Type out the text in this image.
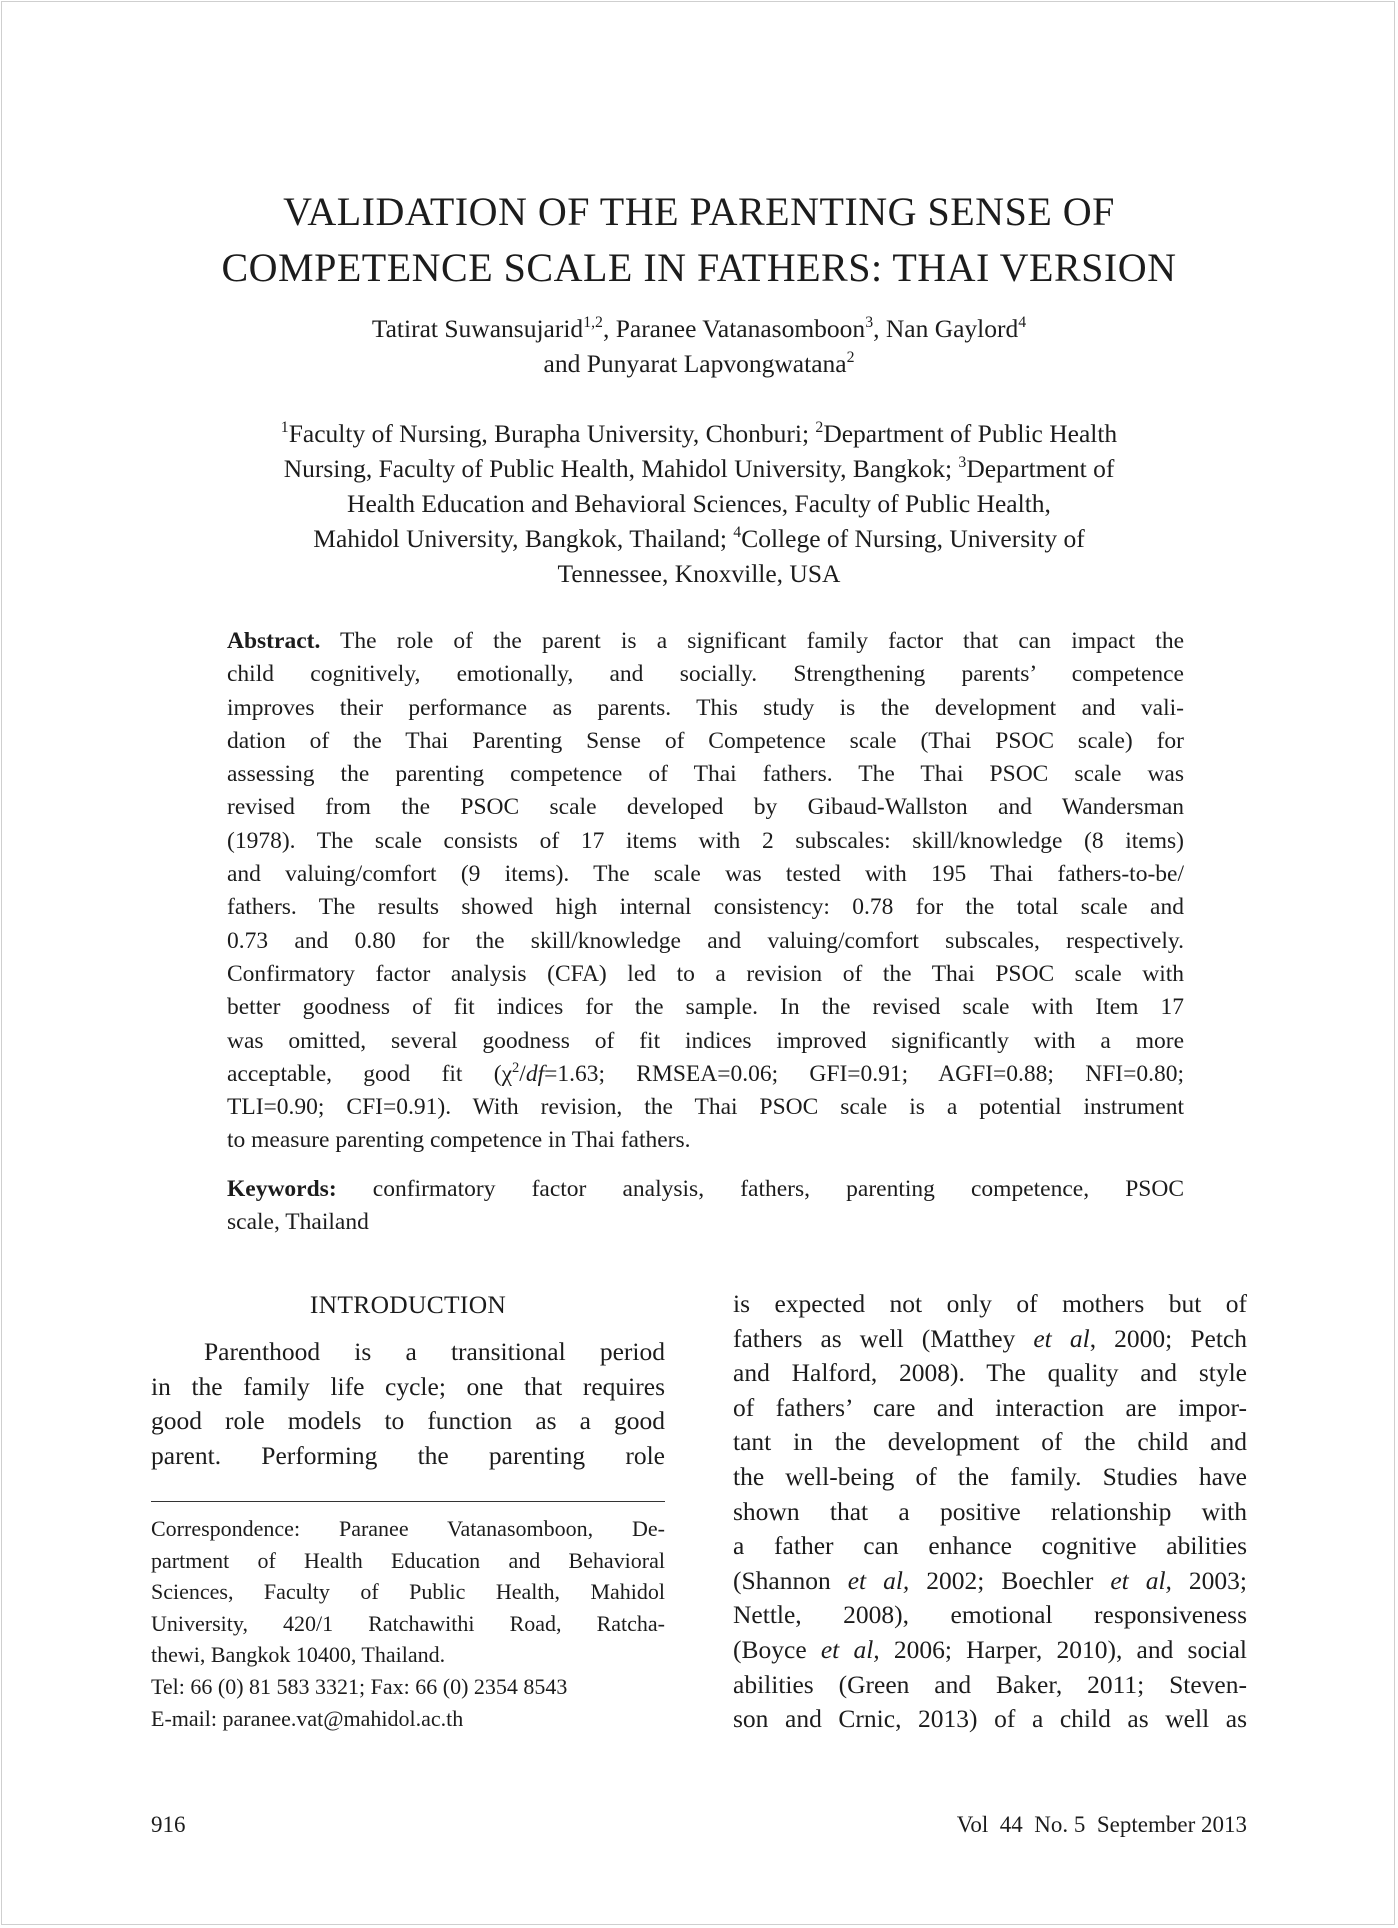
VALIDATION OF THE PARENTING SENSE OF
COMPETENCE SCALE IN FATHERS: THAI VERSION
Tatirat Suwansujarid$^{1,2}$, Paranee Vatanasomboon$^3$, Nan Gaylord$^4$
and Punyarat Lapvongwatana$^2$
$^1$Faculty of Nursing, Burapha University, Chonburi; $^2$Department of Public Health
Nursing, Faculty of Public Health, Mahidol University, Bangkok; $^3$Department of
Health Education and Behavioral Sciences, Faculty of Public Health,
Mahidol University, Bangkok, Thailand; $^4$College of Nursing, University of
Tennessee, Knoxville, USA
Abstract. The role of the parent is a significant family factor that can impact the
child cognitively, emotionally, and socially. Strengthening parents’ competence
improves their performance as parents. This study is the development and vali-
dation of the Thai Parenting Sense of Competence scale (Thai PSOC scale) for
assessing the parenting competence of Thai fathers. The Thai PSOC scale was
revised from the PSOC scale developed by Gibaud-Wallston and Wandersman
(1978). The scale consists of 17 items with 2 subscales: skill/knowledge (8 items)
and valuing/comfort (9 items). The scale was tested with 195 Thai fathers-to-be/
fathers. The results showed high internal consistency: 0.78 for the total scale and
0.73 and 0.80 for the skill/knowledge and valuing/comfort subscales, respectively.
Confirmatory factor analysis (CFA) led to a revision of the Thai PSOC scale with
better goodness of fit indices for the sample. In the revised scale with Item 17
was omitted, several goodness of fit indices improved significantly with a more
acceptable, good fit ($\chi^2/df=1.63$; RMSEA=0.06; GFI=0.91; AGFI=0.88; NFI=0.80;
TLI=0.90; CFI=0.91). With revision, the Thai PSOC scale is a potential instrument
to measure parenting competence in Thai fathers.
Keywords: confirmatory factor analysis, fathers, parenting competence, PSOC
scale, Thailand
INTRODUCTION
Parenthood is a transitional period
in the family life cycle; one that requires
good role models to function as a good
parent. Performing the parenting role
Correspondence: Paranee Vatanasomboon, De-
partment of Health Education and Behavioral
Sciences, Faculty of Public Health, Mahidol
University, 420/1 Ratchawithi Road, Ratcha-
thewi, Bangkok 10400, Thailand.
Tel: 66 (0) 81 583 3321; Fax: 66 (0) 2354 8543
E-mail: paranee.vat@mahidol.ac.th
is expected not only of mothers but of
fathers as well (Matthey et al, 2000; Petch
and Halford, 2008). The quality and style
of fathers’ care and interaction are impor-
tant in the development of the child and
the well-being of the family. Studies have
shown that a positive relationship with
a father can enhance cognitive abilities
(Shannon et al, 2002; Boechler et al, 2003;
Nettle, 2008), emotional responsiveness
(Boyce et al, 2006; Harper, 2010), and social
abilities (Green and Baker, 2011; Steven-
son and Crnic, 2013) of a child as well as
916	Vol  44  No. 5  September 2013
